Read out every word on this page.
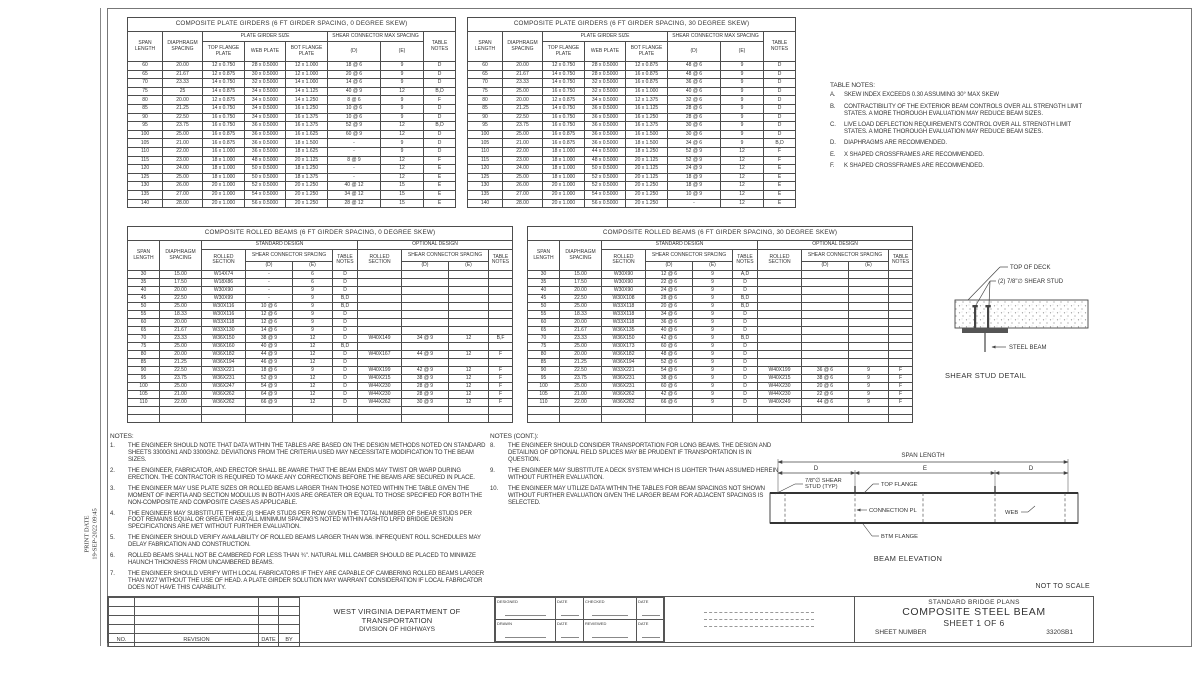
PRINT DATE 19-SEP-2022 09:45
COMPOSITE PLATE GIRDERS (6 FT GIRDER SPACING, 0 DEGREE SKEW)							
SPAN LENGTH	DIAPHRAGM SPACING	PLATE GIRDER SIZE			SHEAR CONNECTOR MAX SPACING		TABLE NOTES
		TOP FLANGE PLATE	WEB PLATE	BOT FLANGE PLATE	(D)	(E)	
60	20.00	12 x 0.750	28 x 0.5000	12 x 1.000	18 @ 6	9	D
65	21.67	12 x 0.875	30 x 0.5000	12 x 1.000	20 @ 6	9	D
70	23.33	14 x 0.750	32 x 0.5000	14 x 1.000	14 @ 6	9	D
75	25	14 x 0.875	34 x 0.5000	14 x 1.125	40 @ 9	12	B,D
80	20.00	12 x 0.875	34 x 0.5000	14 x 1.250	8 @ 6	9	F
85	21.25	14 x 0.750	34 x 0.5000	16 x 1.250	10 @ 6	9	D
90	22.50	16 x 0.750	34 x 0.5000	16 x 1.375	10 @ 6	9	D
95	23.75	16 x 0.750	36 x 0.5000	16 x 1.375	52 @ 9	12	B,D
100	25.00	16 x 0.875	36 x 0.5000	16 x 1.625	60 @ 9	12	D
105	21.00	16 x 0.875	36 x 0.5000	18 x 1.500	-	9	D
110	22.00	16 x 1.000	36 x 0.5000	18 x 1.625	-	9	D
115	23.00	18 x 1.000	48 x 0.5000	20 x 1.125	8 @ 9	12	F
120	24.00	18 x 1.000	50 x 0.5000	18 x 1.250	-	12	E
125	25.00	18 x 1.000	50 x 0.5000	18 x 1.375	-	12	E
130	26.00	20 x 1.000	52 x 0.5000	20 x 1.250	40 @ 12	15	E
135	27.00	20 x 1.000	54 x 0.5000	20 x 1.250	34 @ 12	15	E
140	28.00	20 x 1.000	56 x 0.5000	20 x 1.250	28 @ 12	15	E
COMPOSITE PLATE GIRDERS (6 FT GIRDER SPACING, 30 DEGREE SKEW)							
SPAN LENGTH	DIAPHRAGM SPACING	PLATE GIRDER SIZE			SHEAR CONNECTOR MAX SPACING		TABLE NOTES
		TOP FLANGE PLATE	WEB PLATE	BOT FLANGE PLATE	(D)	(E)	
60	20.00	12 x 0.750	28 x 0.5000	12 x 0.875	48 @ 6	9	D
65	21.67	14 x 0.750	28 x 0.5000	16 x 0.875	48 @ 6	9	D
70	23.33	14 x 0.750	32 x 0.5000	16 x 0.875	36 @ 6	9	D
75	25.00	16 x 0.750	32 x 0.5000	16 x 1.000	40 @ 6	9	D
80	20.00	12 x 0.875	34 x 0.5000	12 x 1.375	32 @ 6	9	D
85	21.25	14 x 0.750	36 x 0.5000	16 x 1.125	28 @ 6	9	D
90	22.50	16 x 0.750	36 x 0.5000	16 x 1.250	28 @ 6	9	D
95	23.75	16 x 0.750	36 x 0.5000	16 x 1.375	30 @ 6	9	D
100	25.00	16 x 0.875	36 x 0.5000	16 x 1.500	30 @ 6	9	D
105	21.00	16 x 0.875	36 x 0.5000	18 x 1.500	34 @ 6	9	B,D
110	22.00	18 x 1.000	44 x 0.5000	18 x 1.250	52 @ 9	12	F
115	23.00	18 x 1.000	48 x 0.5000	20 x 1.125	52 @ 9	12	F
120	24.00	18 x 1.000	50 x 0.5000	20 x 1.125	24 @ 9	12	E
125	25.00	18 x 1.000	52 x 0.5000	20 x 1.125	18 @ 9	12	E
130	26.00	20 x 1.000	52 x 0.5000	20 x 1.250	18 @ 9	12	E
135	27.00	20 x 1.000	54 x 0.5000	20 x 1.250	10 @ 9	12	E
140	28.00	20 x 1.000	56 x 0.5000	20 x 1.250	-	12	E
TABLE NOTES:
A.	SKEW INDEX EXCEEDS 0.30 ASSUMING 30° MAX SKEW
B.	CONTRACTIBILITY OF THE EXTERIOR BEAM CONTROLS OVER ALL STRENGTH LIMIT STATES. A MORE THOROUGH EVALUATION MAY REDUCE BEAM SIZES.
C.	LIVE LOAD DEFLECTION REQUIREMENTS CONTROL OVER ALL STRENGTH LIMIT STATES. A MORE THOROUGH EVALUATION MAY REDUCE BEAM SIZES.
D.	DIAPHRAGMS ARE RECOMMENDED.
E.	X SHAPED CROSSFRAMES ARE RECOMMENDED.
F.	K SHAPED CROSSFRAMES ARE RECOMMENDED.
COMPOSITE ROLLED BEAMS (6 FT GIRDER SPACING, 0 DEGREE SKEW)									
SPAN LENGTH	DIAPHRAGM SPACING	STANDARD DESIGN				OPTIONAL DESIGN			
		ROLLED SECTION	SHEAR CONNECTOR SPACING		TABLE NOTES	ROLLED SECTION	SHEAR CONNECTOR SPACING		TABLE NOTES
			(D)	(E)			(D)	(E)	
30	15.00	W14X74	-	6	D				
35	17.50	W18X86	-	6	D				
40	20.00	W30X90	-	9	D				
45	22.50	W30X99	-	9	B,D				
50	25.00	W30X116	10 @ 6	9	B,D				
55	18.33	W30X116	12 @ 6	9	D				
60	20.00	W33X118	12 @ 6	9	D				
65	21.67	W33X130	14 @ 6	9	D				
70	23.33	W36X150	38 @ 9	12	D	W40X149	34 @ 9	12	B,F
75	25.00	W36X160	40 @ 9	12	B,D				
80	20.00	W36X182	44 @ 9	12	D	W40X167	44 @ 9	12	F
85	21.25	W36X194	46 @ 9	12	D				
90	22.50	W33X221	18 @ 6	9	D	W40X199	42 @ 9	12	F
95	23.75	W36X231	52 @ 9	12	D	W40X215	38 @ 9	12	F
100	25.00	W36X247	54 @ 9	12	D	W44X230	28 @ 9	12	F
105	21.00	W36X262	64 @ 9	12	D	W44X230	28 @ 9	12	F
110	22.00	W36X262	66 @ 9	12	D	W44X262	30 @ 9	12	F

COMPOSITE ROLLED BEAMS (6 FT GIRDER SPACING, 30 DEGREE SKEW)									
SPAN LENGTH	DIAPHRAGM SPACING	STANDARD DESIGN				OPTIONAL DESIGN			
		ROLLED SECTION	SHEAR CONNECTOR SPACING		TABLE NOTES	ROLLED SECTION	SHEAR CONNECTOR SPACING		TABLE NOTES
			(D)	(E)			(D)	(E)	
30	15.00	W30X90	12 @ 6	9	A,D				
35	17.50	W30X90	22 @ 6	9	D				
40	20.00	W30X90	24 @ 6	9	D				
45	22.50	W30X108	28 @ 6	9	B,D				
50	25.00	W33X118	20 @ 6	9	B,D				
55	18.33	W33X118	34 @ 6	9	D				
60	20.00	W33X118	36 @ 6	9	D				
65	21.67	W36X135	40 @ 6	9	D				
70	23.33	W36X150	42 @ 6	9	B,D				
75	25.00	W30X173	60 @ 6	9	D				
80	20.00	W36X182	48 @ 6	9	D				
85	21.25	W36X194	52 @ 6	9	D				
90	22.50	W33X221	54 @ 6	9	D	W40X199	36 @ 6	9	F
95	23.75	W36X231	38 @ 6	9	D	W40X215	38 @ 6	9	F
100	25.00	W36X231	60 @ 6	9	D	W44X230	20 @ 6	9	F
105	21.00	W36X262	42 @ 6	9	D	W44X230	22 @ 6	9	F
110	22.00	W36X262	66 @ 6	9	D	W40X249	44 @ 6	9	F

TOP OF DECK
(2) 7/8"∅ SHEAR STUD
STEEL BEAM
SHEAR STUD DETAIL
NOTES:
1.	THE ENGINEER SHOULD NOTE THAT DATA WITHIN THE TABLES ARE BASED ON THE DESIGN METHODS NOTED ON STANDARD SHEETS 3300GN1 AND 3300GN2. DEVIATIONS FROM THE CRITERIA USED MAY NECESSITATE MODIFICATION TO THE BEAM SIZES.
2.	THE ENGINEER, FABRICATOR, AND ERECTOR SHALL BE AWARE THAT THE BEAM ENDS MAY TWIST OR WARP DURING ERECTION. THE CONTRACTOR IS REQUIRED TO MAKE ANY CORRECTIONS BEFORE THE BEAMS ARE SECURED IN PLACE.
3.	THE ENGINEER MAY USE PLATE SIZES OR ROLLED BEAMS LARGER THAN THOSE NOTED WITHIN THE TABLE GIVEN THE MOMENT OF INERTIA AND SECTION MODULUS IN BOTH AXIS ARE GREATER OR EQUAL TO THOSE SPECIFIED FOR BOTH THE NON-COMPOSITE AND COMPOSITE CASES AS APPLICABLE.
4.	THE ENGINEER MAY SUBSTITUTE THREE (3) SHEAR STUDS PER ROW GIVEN THE TOTAL NUMBER OF SHEAR STUDS PER FOOT REMAINS EQUAL OR GREATER AND ALL MINIMUM SPACING'S NOTED WITHIN AASHTO LRFD BRIDGE DESIGN SPECIFICATIONS ARE MET WITHOUT FURTHER EVALUATION.
5.	THE ENGINEER SHOULD VERIFY AVAILABILITY OF ROLLED BEAMS LARGER THAN W36. INFREQUENT ROLL SCHEDULES MAY DELAY FABRICATION AND CONSTRUCTION.
6.	ROLLED BEAMS SHALL NOT BE CAMBERED FOR LESS THAN ¾". NATURAL MILL CAMBER SHOULD BE PLACED TO MINIMIZE HAUNCH THICKNESS FROM UNCAMBERED BEAMS.
7.	THE ENGINEER SHOULD VERIFY WITH LOCAL FABRICATORS IF THEY ARE CAPABLE OF CAMBERING ROLLED BEAMS LARGER THAN W27 WITHOUT THE USE OF HEAD. A PLATE GIRDER SOLUTION MAY WARRANT CONSIDERATION IF LOCAL FABRICATOR DOES NOT HAVE THIS CAPABILITY.
NOTES (CONT.):
8.	THE ENGINEER SHOULD CONSIDER TRANSPORTATION FOR LONG BEAMS. THE DESIGN AND DETAILING OF OPTIONAL FIELD SPLICES MAY BE PRUDENT IF TRANSPORTATION IS IN QUESTION.
9.	THE ENGINEER MAY SUBSTITUTE A DECK SYSTEM WHICH IS LIGHTER THAN ASSUMED HEREIN WITHOUT FURTHER EVALUATION.
10.	THE ENGINEER MAY UTILIZE DATA WITHIN THE TABLES FOR BEAM SPACINGS NOT SHOWN WITHOUT FURTHER EVALUATION GIVEN THE LARGER BEAM FOR ADJACENT SPACINGS IS SELECTED.
SPAN LENGTH
D	E	D
7/8"∅ SHEAR
STUD (TYP)	TOP FLANGE
CONNECTION PL	WEB
BTM FLANGE
BEAM ELEVATION
NOT TO SCALE

NO.	REVISION	DATE	BY
WEST VIRGINIA DEPARTMENT OF TRANSPORTATION
DIVISION OF HIGHWAYS
DESIGNED	DATE	CHECKED	DATE

DRAWN	DATE	REVIEWED	DATE
STANDARD BRIDGE PLANS
COMPOSITE STEEL BEAM
SHEET 1 OF 6
SHEET NUMBER	3320SB1
